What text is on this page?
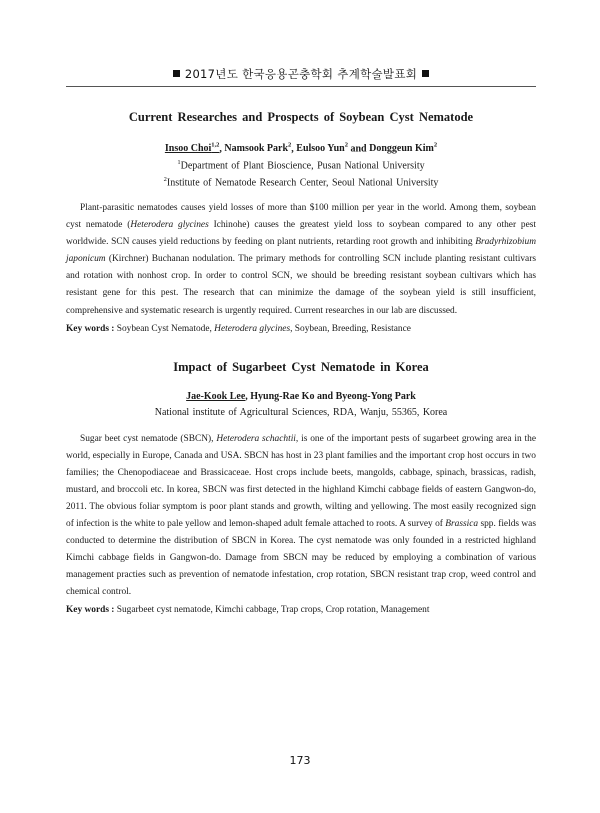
2017년도 한국응용곤충학회 추계학술발표회
Current Researches and Prospects of Soybean Cyst Nematode
Insoo Choi$^{1,2}$, Namsook Park$^2$, Eulsoo Yun$^2$ and Donggeun Kim$^2$
$^1$Department of Plant Bioscience, Pusan National University
$^2$Institute of Nematode Research Center, Seoul National University

Plant-parasitic nematodes causes yield losses of more than $100 million per year in the world. Among them, soybean cyst nematode (Heterodera glycines Ichinohe) causes the greatest yield loss to soybean compared to any other pest worldwide. SCN causes yield reductions by feeding on plant nutrients, retarding root growth and inhibiting Bradyrhizobium japonicum (Kirchner) Buchanan nodulation. The primary methods for controlling SCN include planting resistant cultivars and rotation with nonhost crop. In order to control SCN, we should be breeding resistant soybean cultivars which has resistant gene for this pest. The research that can minimize the damage of the soybean yield is still insufficient, comprehensive and systematic research is urgently required. Current researches in our lab are discussed.

Key words : Soybean Cyst Nematode, Heterodera glycines, Soybean, Breeding, Resistance

Impact of Sugarbeet Cyst Nematode in Korea
Jae-Kook Lee, Hyung-Rae Ko and Byeong-Yong Park
National institute of Agricultural Sciences, RDA, Wanju, 55365, Korea

Sugar beet cyst nematode (SBCN), Heterodera schachtii, is one of the important pests of sugarbeet growing area in the world, especially in Europe, Canada and USA. SBCN has host in 23 plant families and the important crop host occurs in two families; the Chenopodiaceae and Brassicaceae. Host crops include beets, mangolds, cabbage, spinach, brassicas, radish, mustard, and broccoli etc. In korea, SBCN was first detected in the highland Kimchi cabbage fields of eastern Gangwon-do, 2011. The obvious foliar symptom is poor plant stands and growth, wilting and yellowing. The most easily recognized sign of infection is the white to pale yellow and lemon-shaped adult female attached to roots. A survey of Brassica spp. fields was conducted to determine the distribution of SBCN in Korea. The cyst nematode was only founded in a restricted highland Kimchi cabbage fields in Gangwon-do. Damage from SBCN may be reduced by employing a combination of various management practies such as prevention of nematode infestation, crop rotation, SBCN resistant trap crop, weed control and chemical control.

Key words : Sugarbeet cyst nematode, Kimchi cabbage, Trap crops, Crop rotation, Management

173
